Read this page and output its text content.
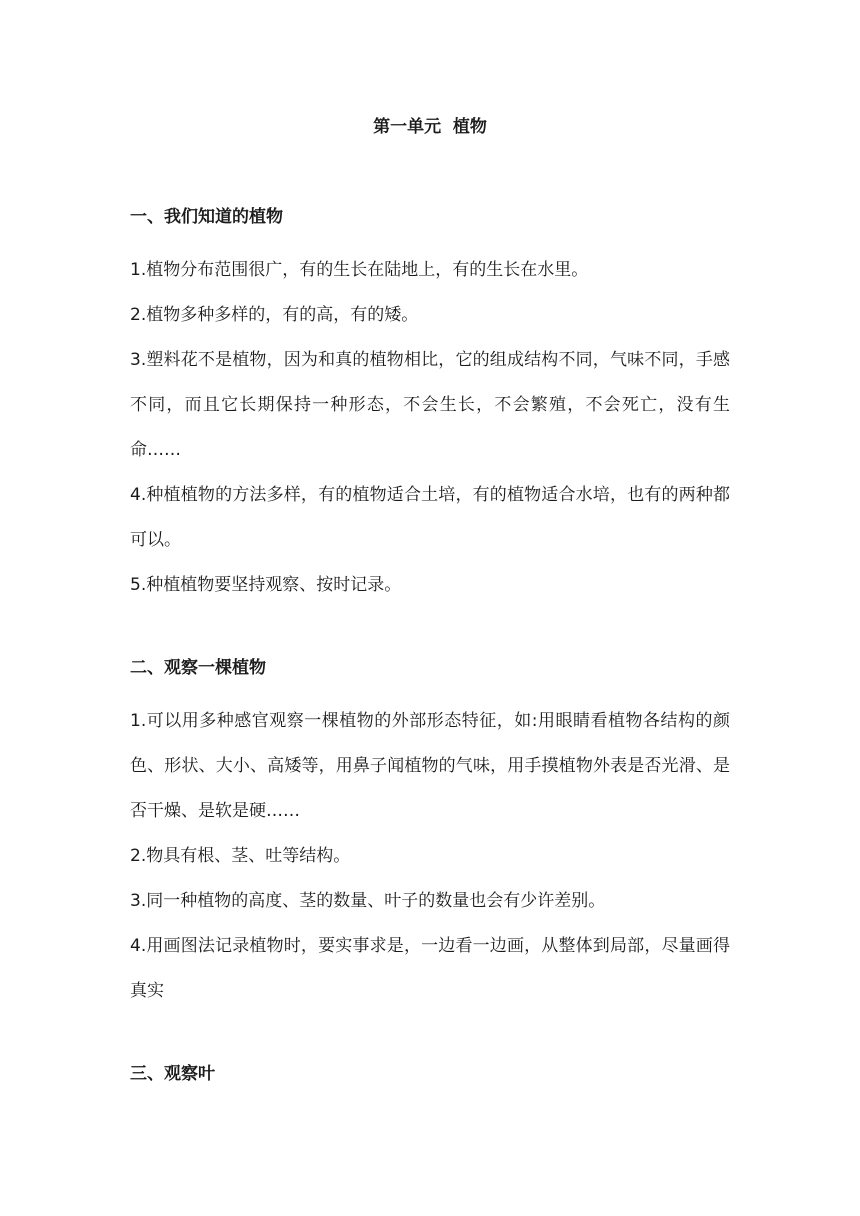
第一单元  植物

一、我们知道的植物

1.植物分布范围很广，有的生长在陆地上，有的生长在水里。

2.植物多种多样的，有的高，有的矮。

3.塑料花不是植物，因为和真的植物相比，它的组成结构不同，气味不同，手感不同，而且它长期保持一种形态，不会生长，不会繁殖，不会死亡，没有生命……

4.种植植物的方法多样，有的植物适合土培，有的植物适合水培，也有的两种都可以。

5.种植植物要坚持观察、按时记录。

二、观察一棵植物

1.可以用多种感官观察一棵植物的外部形态特征，如:用眼睛看植物各结构的颜色、形状、大小、高矮等，用鼻子闻植物的气味，用手摸植物外表是否光滑、是否干燥、是软是硬……

2.物具有根、茎、吐等结构。

3.同一种植物的高度、茎的数量、叶子的数量也会有少许差别。

4.用画图法记录植物时，要实事求是，一边看一边画，从整体到局部，尽量画得真实

三、观察叶
